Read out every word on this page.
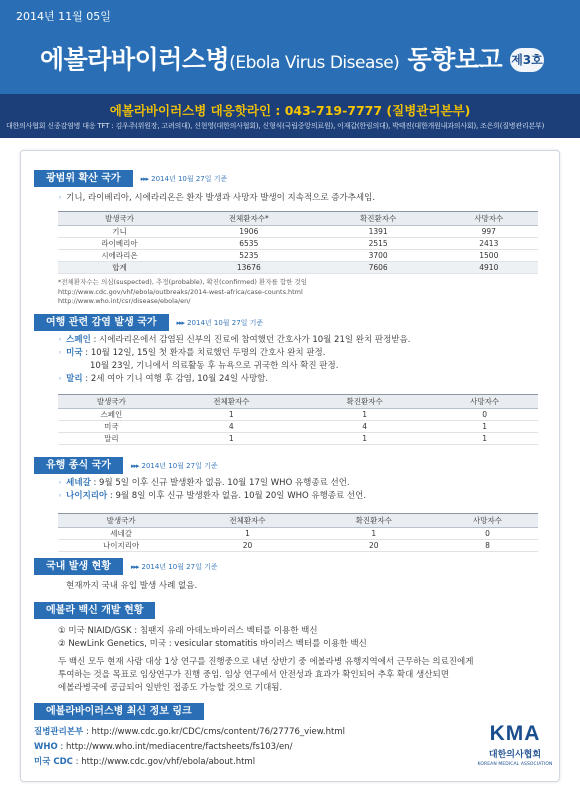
2014년 11월 05일
에볼라바이러스병(Ebola Virus Disease) 동향보고 제3호
에볼라바이러스병 대응핫라인 : 043-719-7777 (질병관리본부)
대한의사협회 신종감염병 대응 TFT : 김우주(위원장, 고려의대), 신현영(대한의사협회), 신형식(국립중앙의료원), 이재갑(한림의대), 박태진(대한개원내과의사회), 조은희(질병관리본부)
광범위 확산 국가	▸▸▸ 2014년 10월 27일 기준
◦ 기니, 라이베리아, 시에라리온은 환자 발생과 사망자 발생이 지속적으로 증가추세임.
발생국가	전체환자수*	확진환자수	사망자수
기니	1906	1391	997
라이베리아	6535	2515	2413
시에라리온	5235	3700	1500
합계	13676	7606	4910
*전체환자수는 의심(suspected), 추정(probable), 확진(confirmed) 환자를 합한 것임
http://www.cdc.gov/vhf/ebola/outbreaks/2014-west-africa/case-counts.html
http://www.who.int/csr/disease/ebola/en/
여행 관련 감염 발생 국가	▸▸▸ 2014년 10월 27일 기준
◦ 스페인 : 시에라리온에서 감염된 신부의 진료에 참여했던 간호사가 10월 21일 완치 판정받음.
◦ 미국 : 10월 12일, 15일 첫 환자를 치료했던 두명의 간호사 완치 판정.
10월 23일, 기니에서 의료활동 후 뉴욕으로 귀국한 의사 확진 판정.
◦ 말리 : 2세 여아 기니 여행 후 감염, 10월 24일 사망함.
발생국가	전체환자수	확진환자수	사망자수
스페인	1	1	0
미국	4	4	1
말리	1	1	1
유행 종식 국가	▸▸▸ 2014년 10월 27일 기준
◦ 세네갈 : 9월 5일 이후 신규 발생환자 없음. 10월 17일 WHO 유행종료 선언.
◦ 나이지리아 : 9월 8일 이후 신규 발생환자 없음. 10월 20일 WHO 유행종료 선언.
발생국가	전체환자수	확진환자수	사망자수
세네갈	1	1	0
나이지리아	20	20	8
국내 발생 현황	▸▸▸ 2014년 10월 27일 기준
현재까지 국내 유입 발생 사례 없음.
에볼라 백신 개발 현황
① 미국 NIAID/GSK : 침팬지 유래 아데노바이러스 벡터를 이용한 백신
② NewLink Genetics, 미국 : vesicular stomatitis 바이러스 벡터를 이용한 백신
두 백신 모두 현재 사람 대상 1상 연구를 진행중으로 내년 상반기 중 에볼라병 유행지역에서 근무하는 의료진에게
투여하는 것을 목표로 임상연구가 진행 중임. 임상 연구에서 안전성과 효과가 확인되어 추후 확대 생산되면
에볼라병국에 공급되어 일반인 접종도 가능할 것으로 기대됨.
에볼라바이러스병 최신 정보 링크
질병관리본부 : http://www.cdc.go.kr/CDC/cms/content/76/27776_view.html
WHO : http://www.who.int/mediacentre/factsheets/fs103/en/
미국 CDC : http://www.cdc.gov/vhf/ebola/about.html
KMA
대한의사협회
KOREAN MEDICAL ASSOCIATION
